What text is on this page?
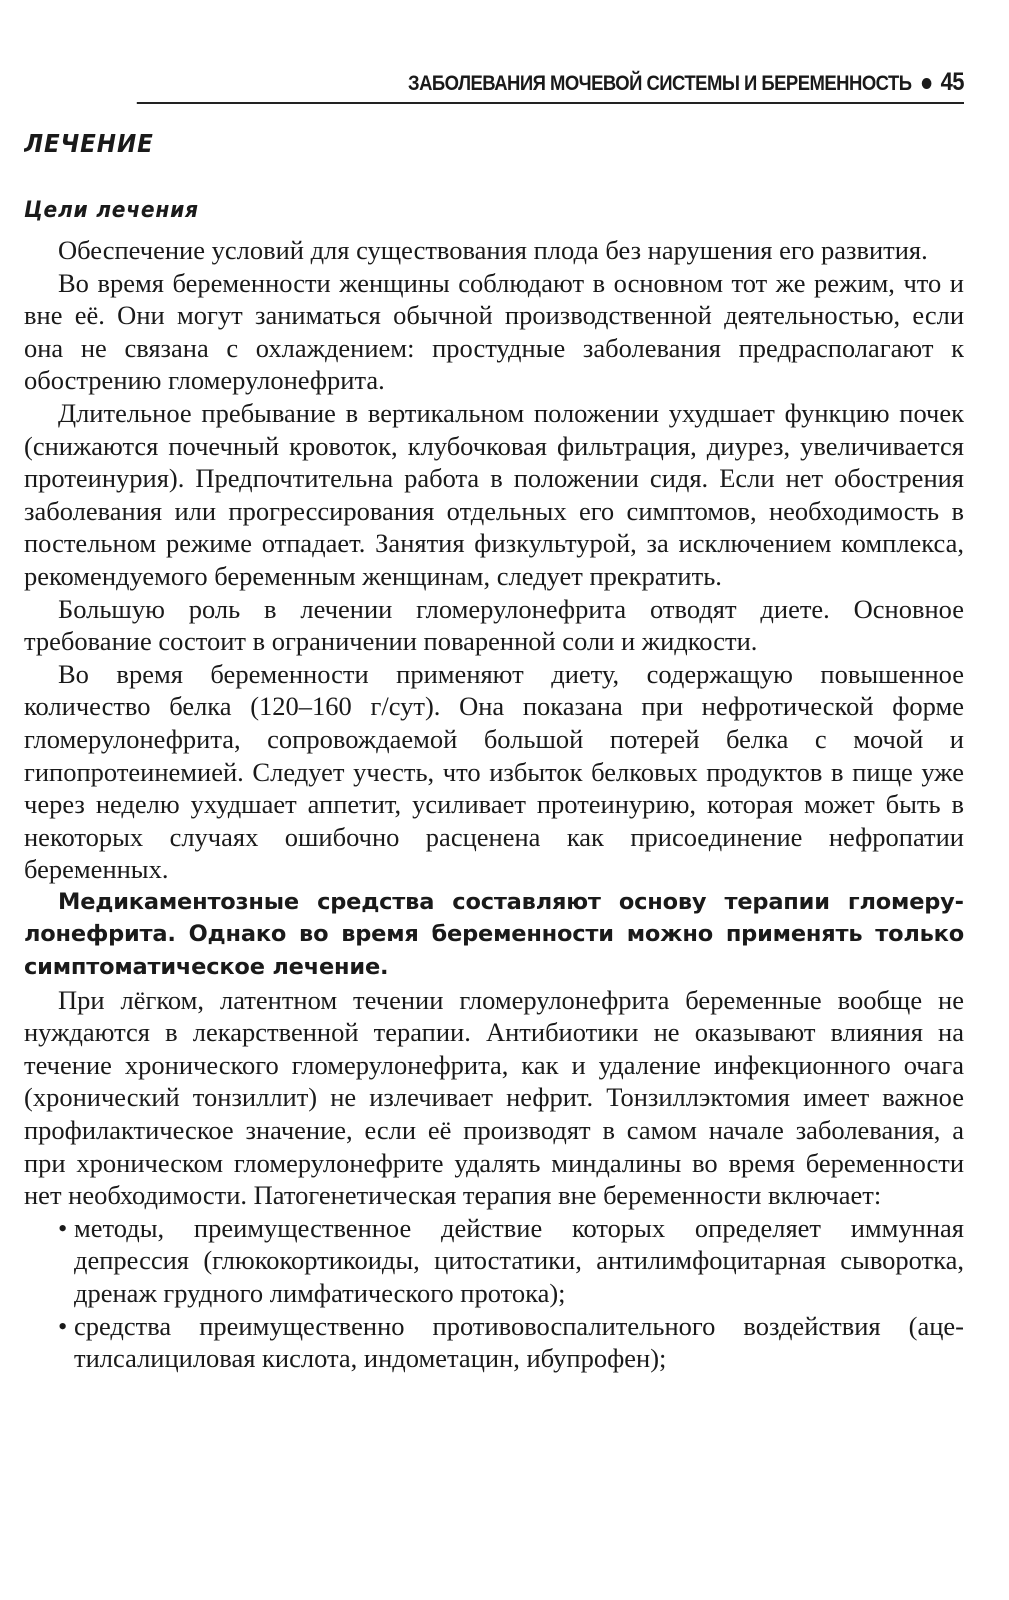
ЗАБОЛЕВАНИЯ МОЧЕВОЙ СИСТЕМЫ И БЕРЕМЕННОСТЬ 45
ЛЕЧЕНИЕ
Цели лечения

Обеспечение условий для существования плода без нарушения его развития.

Во время беременности женщины соблюдают в основном тот же режим, что и вне её. Они могут заниматься обычной производственной деятельностью, если она не связана с охлаждением: простудные заболевания предрасполагают к обострению гломерулонефрита.

Длительное пребывание в вертикальном положении ухудшает функцию почек (снижаются почечный кровоток, клубочковая фильтрация, диурез, увеличивается протеинурия). Предпочтительна работа в положении сидя. Если нет обострения заболевания или прогрессирования отдельных его симптомов, необходимость в постельном режиме отпадает. Занятия физкультурой, за исключением комплекса, рекомендуемого беременным женщинам, следует прекратить.

Большую роль в лечении гломерулонефрита отводят диете. Основное требование состоит в ограничении поваренной соли и жидкости.

Во время беременности применяют диету, содержащую повышенное количество белка (120–160 г/сут). Она показана при нефротической форме гломерулонефрита, сопровождаемой большой потерей белка с мочой и гипопротеинемией. Следует учесть, что избыток белковых продуктов в пище уже через неделю ухудшает аппетит, усиливает протеинурию, которая может быть в некоторых случаях ошибочно расценена как присоединение нефропатии беременных.

Медикаментозные средства составляют основу терапии гломерулонефрита. Однако во время беременности можно применять только симптоматическое лечение.

При лёгком, латентном течении гломерулонефрита беременные вообще не нуждаются в лекарственной терапии. Антибиотики не оказывают влияния на течение хронического гломерулонефрита, как и удаление инфекционного очага (хронический тонзиллит) не излечивает нефрит. Тонзиллэктомия имеет важное профилактическое значение, если её производят в самом начале заболевания, а при хроническом гломерулонефрите удалять миндалины во время беременности нет необходимости. Патогенетическая терапия вне беременности включает:

• методы, преимущественное действие которых определяет иммунная депрессия (глюкокортикоиды, цитостатики, антилимфоцитарная сыворотка, дренаж грудного лимфатического протока);
• средства преимущественно противовоспалительного воздействия (ацетилсалициловая кислота, индометацин, ибупрофен);
